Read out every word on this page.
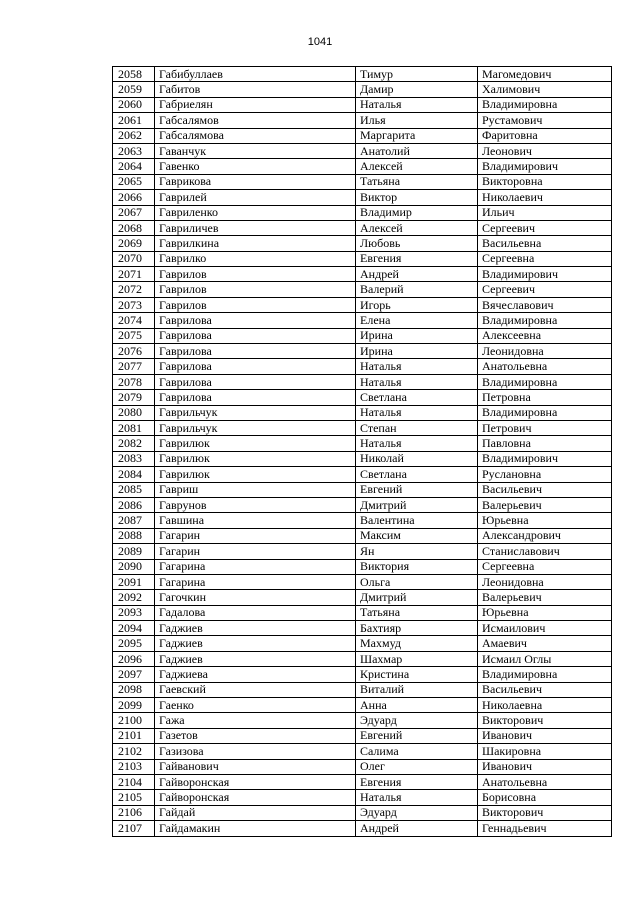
1041
2058	Габибуллаев	Тимур	Магомедович
2059	Габитов	Дамир	Халимович
2060	Габриелян	Наталья	Владимировна
2061	Габсалямов	Илья	Рустамович
2062	Габсалямова	Маргарита	Фаритовна
2063	Гаванчук	Анатолий	Леонович
2064	Гавенко	Алексей	Владимирович
2065	Гаврикова	Татьяна	Викторовна
2066	Гаврилей	Виктор	Николаевич
2067	Гавриленко	Владимир	Ильич
2068	Гавриличев	Алексей	Сергеевич
2069	Гаврилкина	Любовь	Васильевна
2070	Гаврилко	Евгения	Сергеевна
2071	Гаврилов	Андрей	Владимирович
2072	Гаврилов	Валерий	Сергеевич
2073	Гаврилов	Игорь	Вячеславович
2074	Гаврилова	Елена	Владимировна
2075	Гаврилова	Ирина	Алексеевна
2076	Гаврилова	Ирина	Леонидовна
2077	Гаврилова	Наталья	Анатольевна
2078	Гаврилова	Наталья	Владимировна
2079	Гаврилова	Светлана	Петровна
2080	Гаврильчук	Наталья	Владимировна
2081	Гаврильчук	Степан	Петрович
2082	Гаврилюк	Наталья	Павловна
2083	Гаврилюк	Николай	Владимирович
2084	Гаврилюк	Светлана	Руслановна
2085	Гавриш	Евгений	Васильевич
2086	Гаврунов	Дмитрий	Валерьевич
2087	Гавшина	Валентина	Юрьевна
2088	Гагарин	Максим	Александрович
2089	Гагарин	Ян	Станиславович
2090	Гагарина	Виктория	Сергеевна
2091	Гагарина	Ольга	Леонидовна
2092	Гагочкин	Дмитрий	Валерьевич
2093	Гадалова	Татьяна	Юрьевна
2094	Гаджиев	Бахтияр	Исмаилович
2095	Гаджиев	Махмуд	Амаевич
2096	Гаджиев	Шахмар	Исмаил Оглы
2097	Гаджиева	Кристина	Владимировна
2098	Гаевский	Виталий	Васильевич
2099	Гаенко	Анна	Николаевна
2100	Гажа	Эдуард	Викторович
2101	Газетов	Евгений	Иванович
2102	Газизова	Салима	Шакировна
2103	Гайванович	Олег	Иванович
2104	Гайворонская	Евгения	Анатольевна
2105	Гайворонская	Наталья	Борисовна
2106	Гайдай	Эдуард	Викторович
2107	Гайдамакин	Андрей	Геннадьевич
